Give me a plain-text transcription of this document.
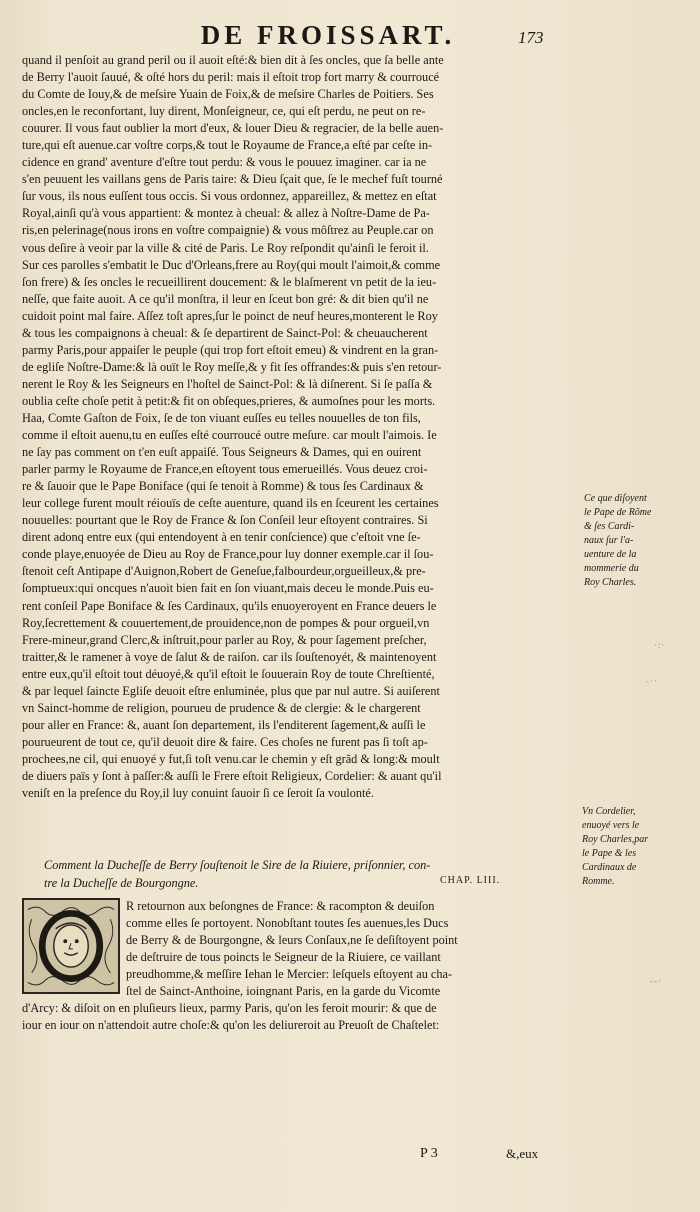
DE FROISSART.	173
quand il penſoit au grand peril ou il auoit eſté:& bien dit à ſes oncles, que ſa belle ante
de Berry l'auoit ſauué, & oſté hors du peril: mais il eſtoit trop fort marry & courroucé
du Comte de Iouy,& de meſsire Yuain de Foix,& de meſsire Charles de Poitiers. Ses
oncles,en le reconfortant, luy dirent, Monſeigneur, ce, qui eſt perdu, ne peut on re-
couurer. Il vous faut oublier la mort d'eux, & louer Dieu & regracier, de la belle auen-
ture,qui eſt auenue.car voſtre corps,& tout le Royaume de France,a eſté par ceſte in-
cidence en grand' aventure d'eſtre tout perdu: & vous le pouuez imaginer. car ia ne
s'en peuuent les vaillans gens de Paris taire: & Dieu ſçait que, ſe le mechef fuſt tourné
ſur vous, ils nous euſſent tous occis. Si vous ordonnez, appareillez, & mettez en eſtat
Royal,ainſi qu'à vous appartient: & montez à cheual: & allez à Noſtre-Dame de Pa-
ris,en pelerinage(nous irons en voſtre compaignie) & vous môſtrez au Peuple.car on
vous deſire à veoir par la ville & cité de Paris. Le Roy reſpondit qu'ainſi le feroit il.
Sur ces parolles s'embatit le Duc d'Orleans,frere au Roy(qui moult l'aimoit,& comme
ſon frere) & ſes oncles le recueillirent doucement: & le blaſmerent vn petit de la ieu-
neſſe, que faite auoit. A ce qu'il monſtra, il leur en ſceut bon gré: & dit bien qu'il ne
cuidoit point mal faire. Aſſez toſt apres,ſur le poinct de neuf heures,monterent le Roy
& tous les compaignons à cheual: & ſe departirent de Sainct-Pol: & cheuaucherent
parmy Paris,pour appaiſer le peuple (qui trop fort eſtoit emeu) & vindrent en la gran-
de egliſe Noſtre-Dame:& là ouït le Roy meſſe,& y fit ſes offrandes:& puis s'en retour-
nerent le Roy & les Seigneurs en l'hoſtel de Sainct-Pol: & là diſnerent. Si ſe paſſa &
oublia ceſte choſe petit à petit:& fit on obſeques,prieres, & aumoſnes pour les morts.
Haa, Comte Gaſton de Foix, ſe de ton viuant euſſes eu telles nouuelles de ton fils,
comme il eſtoit auenu,tu en euſſes eſté courroucé outre meſure. car moult l'aimois. Ie
ne ſay pas comment on t'en euſt appaiſé. Tous Seigneurs & Dames, qui en ouirent
parler parmy le Royaume de France,en eſtoyent tous emerueillés. Vous deuez croi-
re & ſauoir que le Pape Boniface (qui ſe tenoit à Romme) & tous ſes Cardinaux &
leur college furent moult réiouïs de ceſte auenture, quand ils en ſceurent les certaines
nouuelles: pourtant que le Roy de France & ſon Conſeil leur eſtoyent contraires. Si
dirent adonq entre eux (qui entendoyent à en tenir conſcience) que c'eſtoit vne ſe-
conde playe,enuoyée de Dieu au Roy de France,pour luy donner exemple.car il ſou-
ſtenoit ceſt Antipape d'Auignon,Robert de Geneſue,falbourdeur,orgueilleux,& pre-
ſomptueux:qui oncques n'auoit bien fait en ſon viuant,mais deceu le monde.Puis eu-
rent conſeil Pape Boniface & ſes Cardinaux, qu'ils enuoyeroyent en France deuers le
Roy,ſecrettement & couuertement,de prouidence,non de pompes & pour orgueil,vn
Frere-mineur,grand Clerc,& inſtruit,pour parler au Roy, & pour ſagement preſcher,
traitter,& le ramener à voye de ſalut & de raiſon. car ils ſouſtenoyét, & maintenoyent
entre eux,qu'il eſtoit tout déuoyé,& qu'il eſtoit le ſouuerain Roy de toute Chreſtienté,
& par lequel ſaincte Egliſe deuoit eſtre enluminée, plus que par nul autre. Si auiſerent
vn Sainct-homme de religion, pourueu de prudence & de clergie: & le chargerent
pour aller en France: &, auant ſon departement, ils l'enditerent ſagement,& auſſi le
pourueurent de tout ce, qu'il deuoit dire & faire. Ces choſes ne furent pas ſi toſt ap-
prochees,ne cil, qui enuoyé y fut,ſi toſt venu.car le chemin y eſt grãd & long:& moult
de diuers païs y ſont à paſſer:& auſſi le Frere eſtoit Religieux, Cordelier: & auant qu'il
veniſt en la preſence du Roy,il luy conuint ſauoir ſi ce ſeroit ſa voulonté.
Ce que diſoyent
le Pape de Rõme
& ſes Cardi-
naux ſur l'a-
uenture de la
mommerie du
Roy Charles.
Vn Cordelier,
enuoyé vers le
Roy Charles,par
le Pape & les
Cardinaux de
Romme.
Comment la Ducheſſe de Berry ſouſtenoit le Sire de la Riuiere, priſonnier, con-
tre la Ducheſſe de Bourgongne.	CHAP. LIII.
R retournon aux beſongnes de France: & racompton & deuiſon
comme elles ſe portoyent. Nonobſtant toutes ſes auenues,les Ducs
de Berry & de Bourgongne, & leurs Conſaux,ne ſe deſiſtoyent point
de deſtruire de tous poincts le Seigneur de la Riuiere, ce vaillant
preudhomme,& meſſire Iehan le Mercier: leſquels eſtoyent au cha-
ſtel de Sainct-Anthoine, ioingnant Paris, en la garde du Vicomte
d'Arcy: & diſoit on en pluſieurs lieux, parmy Paris, qu'on les feroit mourir: & que de
iour en iour on n'attendoit autre choſe:& qu'on les deliureroit au Preuoſt de Chaſtelet:
·:·
-··
--·
P 3	&,eux
